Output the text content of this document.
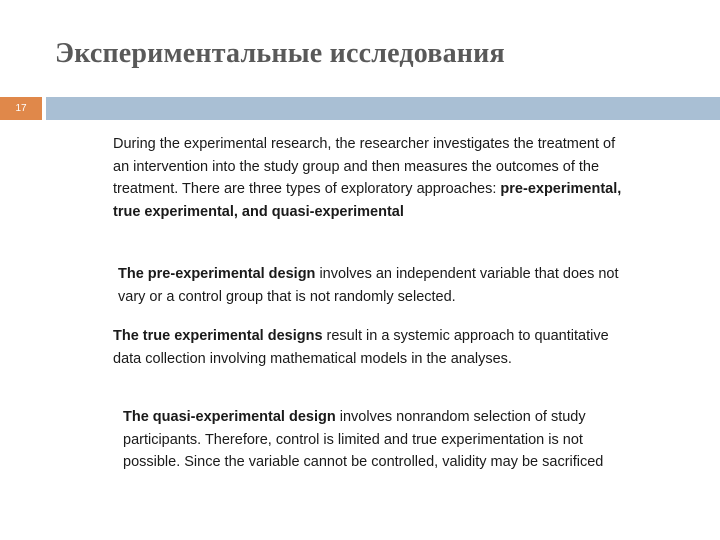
Экспериментальные исследования
17

During the experimental research, the researcher investigates the treatment of an intervention into the study group and then measures the outcomes of the treatment. There are three types of exploratory approaches: pre-experimental, true experimental, and quasi-experimental

The pre-experimental design involves an independent variable that does not vary or a control group that is not randomly selected.

The true experimental designs result in a systemic approach to quantitative data collection involving mathematical models in the analyses.

The quasi-experimental design involves nonrandom selection of study participants. Therefore, control is limited and true experimentation is not possible. Since the variable cannot be controlled, validity may be sacrificed
